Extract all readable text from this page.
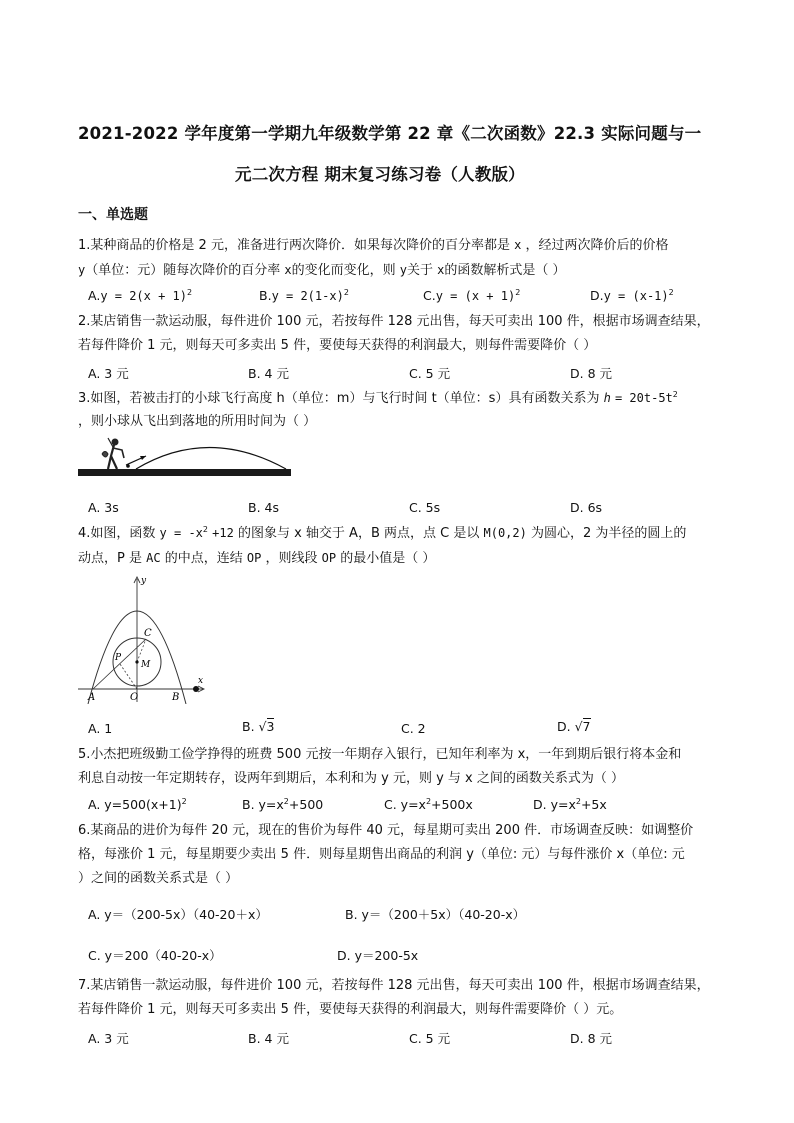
2021-2022 学年度第一学期九年级数学第 22 章《二次函数》22.3 实际问题与一
元二次方程 期末复习练习卷（人教版）
一、单选题
1.某种商品的价格是 2 元，准备进行两次降价．如果每次降价的百分率都是 x ，经过两次降价后的价格
y（单位：元）随每次降价的百分率 x的变化而变化，则 y关于 x的函数解析式是（ ）
$A.y = 2(x + 1)^2$	$B.y = 2(1-x)^2$	$C.y = (x + 1)^2$	$D.y = (x-1)^2$
2.某店销售一款运动服，每件进价 100 元，若按每件 128 元出售，每天可卖出 100 件，根据市场调查结果，
若每件降价 1 元，则每天可多卖出 5 件，要使每天获得的利润最大，则每件需要降价（ ）
A. 3 元	B. 4 元	C. 5 元	D. 8 元
3.如图，若被击打的小球飞行高度 h（单位：m）与飞行时间 t（单位：s）具有函数关系为 $h = 20t-5t^2$
，则小球从飞出到落地的所用时间为（ ）
A. 3s	B. 4s	C. 5s	D. 6s
4.如图，函数 $y = -x^2 +12$ 的图象与 x 轴交于 A，B 两点，点 C 是以 M(0,2) 为圆心，2 为半径的圆上的
动点，P 是 AC 的中点，连结 OP ，则线段 OP 的最小值是（ ）
y
x
A	B
C
O
P
M
A. 1	B. √3	C. 2	D. √7
5.小杰把班级勤工俭学挣得的班费 500 元按一年期存入银行，已知年利率为 x，一年到期后银行将本金和
利息自动按一年定期转存，设两年到期后，本利和为 y 元，则 y 与 x 之间的函数关系式为（ ）
A. $y=500(x+1)^2$	B. $y=x^2+500$	C. $y=x^2+500x$	D. $y=x^2+5x$
6.某商品的进价为每件 20 元，现在的售价为每件 40 元，每星期可卖出 200 件．市场调查反映：如调整价
格，每涨价 1 元，每星期要少卖出 5 件．则每星期售出商品的利润 y（单位: 元）与每件涨价 x（单位: 元
）之间的函数关系式是（ ）
A. y＝（200-5x）（40-20＋x）	B. y＝（200＋5x）（40-20-x）
C. y＝200（40-20-x）	D. y＝200-5x
7.某店销售一款运动服，每件进价 100 元，若按每件 128 元出售，每天可卖出 100 件，根据市场调查结果，
若每件降价 1 元，则每天可多卖出 5 件，要使每天获得的利润最大，则每件需要降价（ ）元。
A. 3 元	B. 4 元	C. 5 元	D. 8 元
